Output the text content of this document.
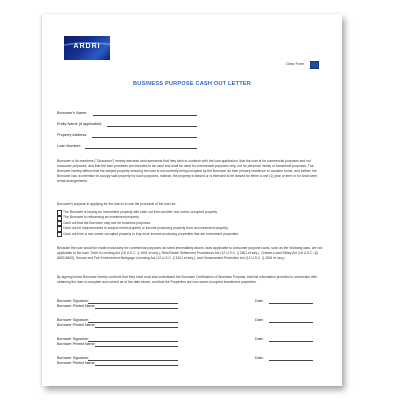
ARDRI
Clear Form
BUSINESS PURPOSE CASH OUT LETTER
Borrower's Name:
Entity Name (if applicable):
Property Address:
Loan Number:

Borrower or its members ("Guarantor") hereby warrants and represents that they wish to continue with the loan application, that the loan is for commercial purposes and not consumer purposes, and that the loan proceeds are intended to be used and shall be used for commercial purposes only, not for personal, family or household purposes. The Borrower hereby affirms that the subject property securing the loan is not currently being occupied by the Borrower as their primary residence or vacation home, and further, the Borrower has no intention to occupy said property for such purposes. Instead, the property is leased or is intended to be leased for either a one (1) year or term or for short-term rental arrangements.

Borrower's purpose in applying for the loan is to use the proceeds of the loan for:

The Borrower is buying an investment property with cash out from another non-owner-occupied property.
The Borrower is refinancing an investment property.
Cash out that the Borrower may use for business purposes.
Cash out for improvements to subject rental property or income producing property from an investment property.
Cash out from a non-owner-occupied property to buy more income producing properties that are investment properties.

Because the loan would be made exclusively for commercial purposes as noted immediately above, laws applicable to consumer purpose loans, such as the following laws, are not applicable to the loan: Truth in Lending Act (15 U.S.C. § 1601 et seq.), Real Estate Settlement Procedures Act (12 U.S.C. § 2601 et seq.), Gramm-Leach Bliley Act (15 U.S.C. §§ 6802-6809), Secure and Fair Enforcement Mortgage Licensing Act (12 U.S.C. § 5101 et seq.), and Homeowners Protection Act (12 U.S.C. § 4901 et seq.).

By signing below Borrower hereby confirms that they have read and understand the Borrower Certification of Business Purpose, that the information provided in connection with obtaining the loan is complete and correct as of the date above, and that the Properties are non-owner-occupied investment properties.

Borrower Signature:
Borrower Printed Name:
Date:
Borrower Signature:
Borrower Printed Name:
Date:
Borrower Signature:
Borrower Printed Name:
Date:
Borrower Signature:
Borrower Printed Name:
Date:
